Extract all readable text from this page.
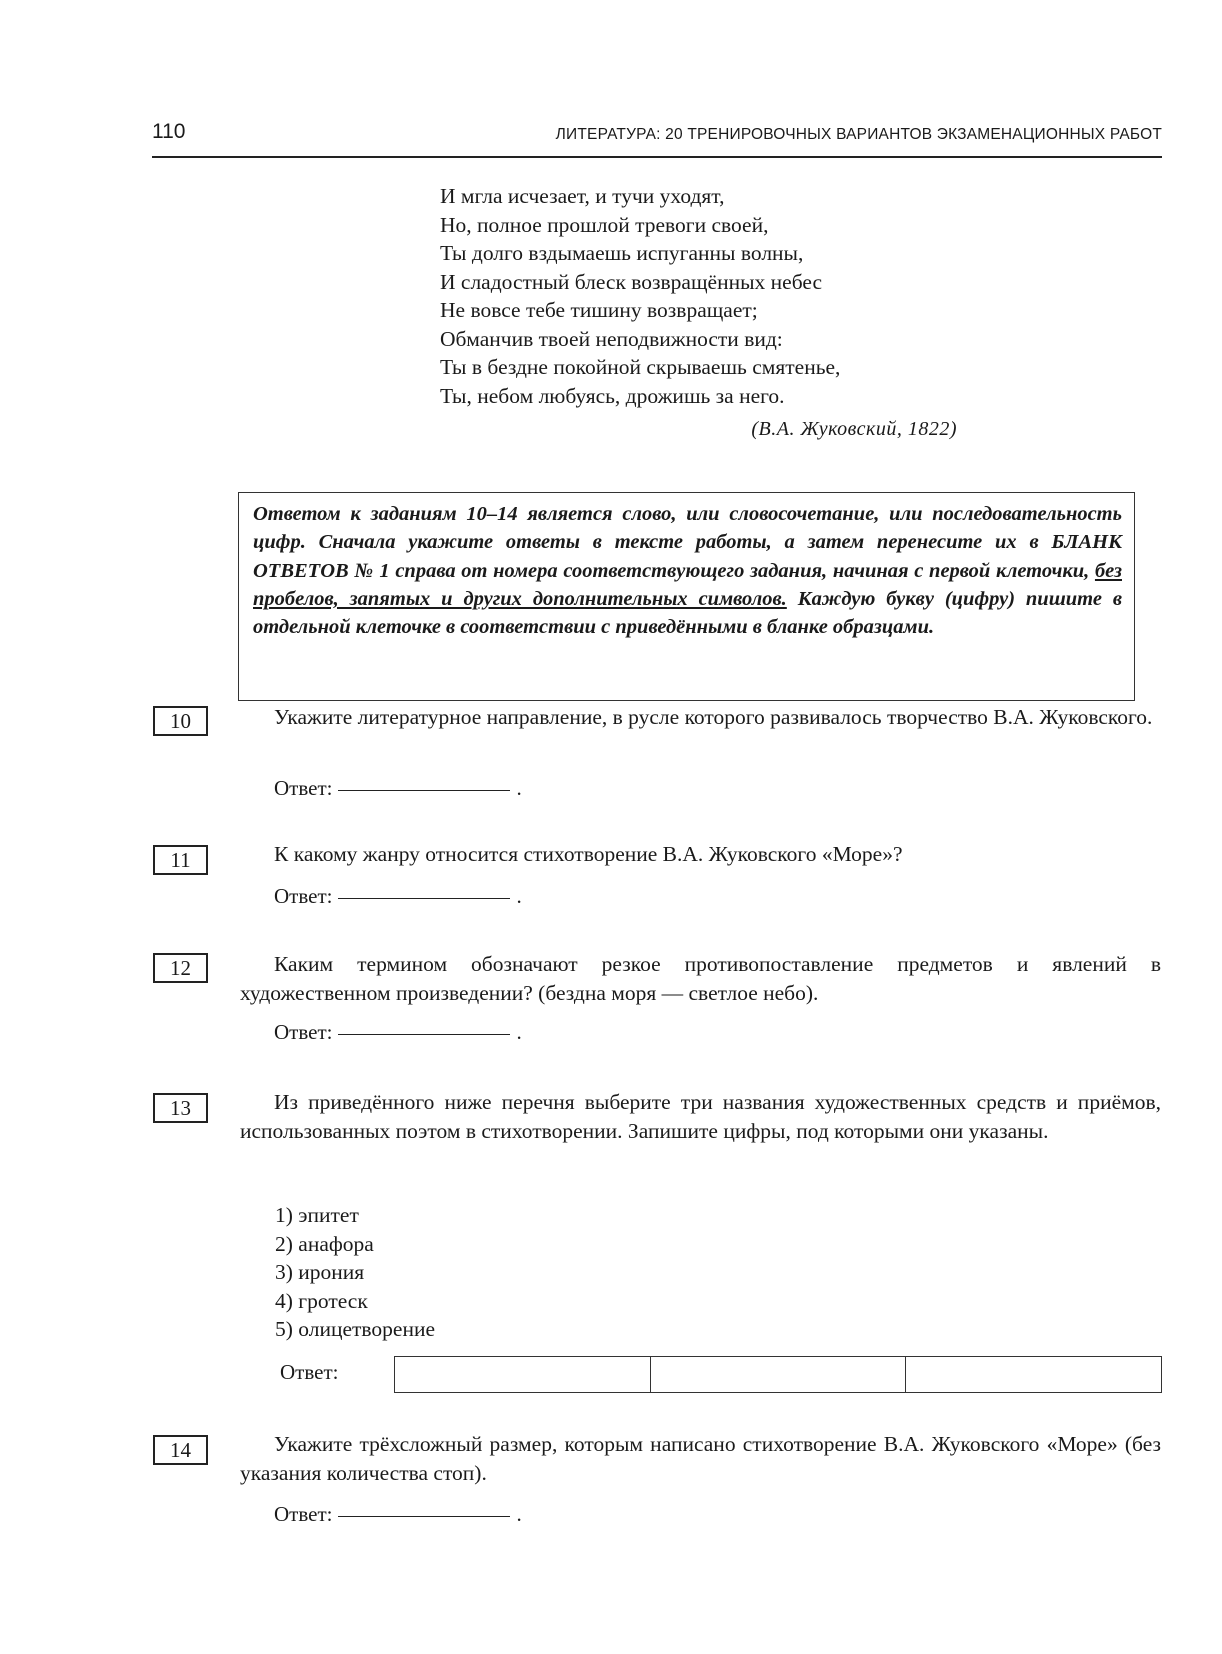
110	ЛИТЕРАТУРА: 20 ТРЕНИРОВОЧНЫХ ВАРИАНТОВ ЭКЗАМЕНАЦИОННЫХ РАБОТ
И мгла исчезает, и тучи уходят,
Но, полное прошлой тревоги своей,
Ты долго вздымаешь испуганны волны,
И сладостный блеск возвращённых небес
Не вовсе тебе тишину возвращает;
Обманчив твоей неподвижности вид:
Ты в бездне покойной скрываешь смятенье,
Ты, небом любуясь, дрожишь за него.
(В.А. Жуковский, 1822)
Ответом к заданиям 10–14 является слово, или словосочетание, или последовательность цифр. Сначала укажите ответы в тексте работы, а затем перенесите их в БЛАНК ОТВЕТОВ № 1 справа от номера соответствующего задания, начиная с первой клеточки, без пробелов, запятых и других дополнительных символов. Каждую букву (цифру) пишите в отдельной клеточке в соответствии с приведёнными в бланке образцами.
10	Укажите литературное направление, в русле которого развивалось творчество В.А. Жуковского.

Ответ:	.
11	К какому жанру относится стихотворение В.А. Жуковского «Море»?

Ответ:	.
12	Каким термином обозначают резкое противопоставление предметов и явлений в художественном произведении? (бездна моря — светлое небо).

Ответ:	.
13	Из приведённого ниже перечня выберите три названия художественных средств и приёмов, использованных поэтом в стихотворении. Запишите цифры, под которыми они указаны.

1) эпитет
2) анафора
3) ирония
4) гротеск
5) олицетворение
Ответ:
14	Укажите трёхсложный размер, которым написано стихотворение В.А. Жуковского «Море» (без указания количества стоп).

Ответ:	.
